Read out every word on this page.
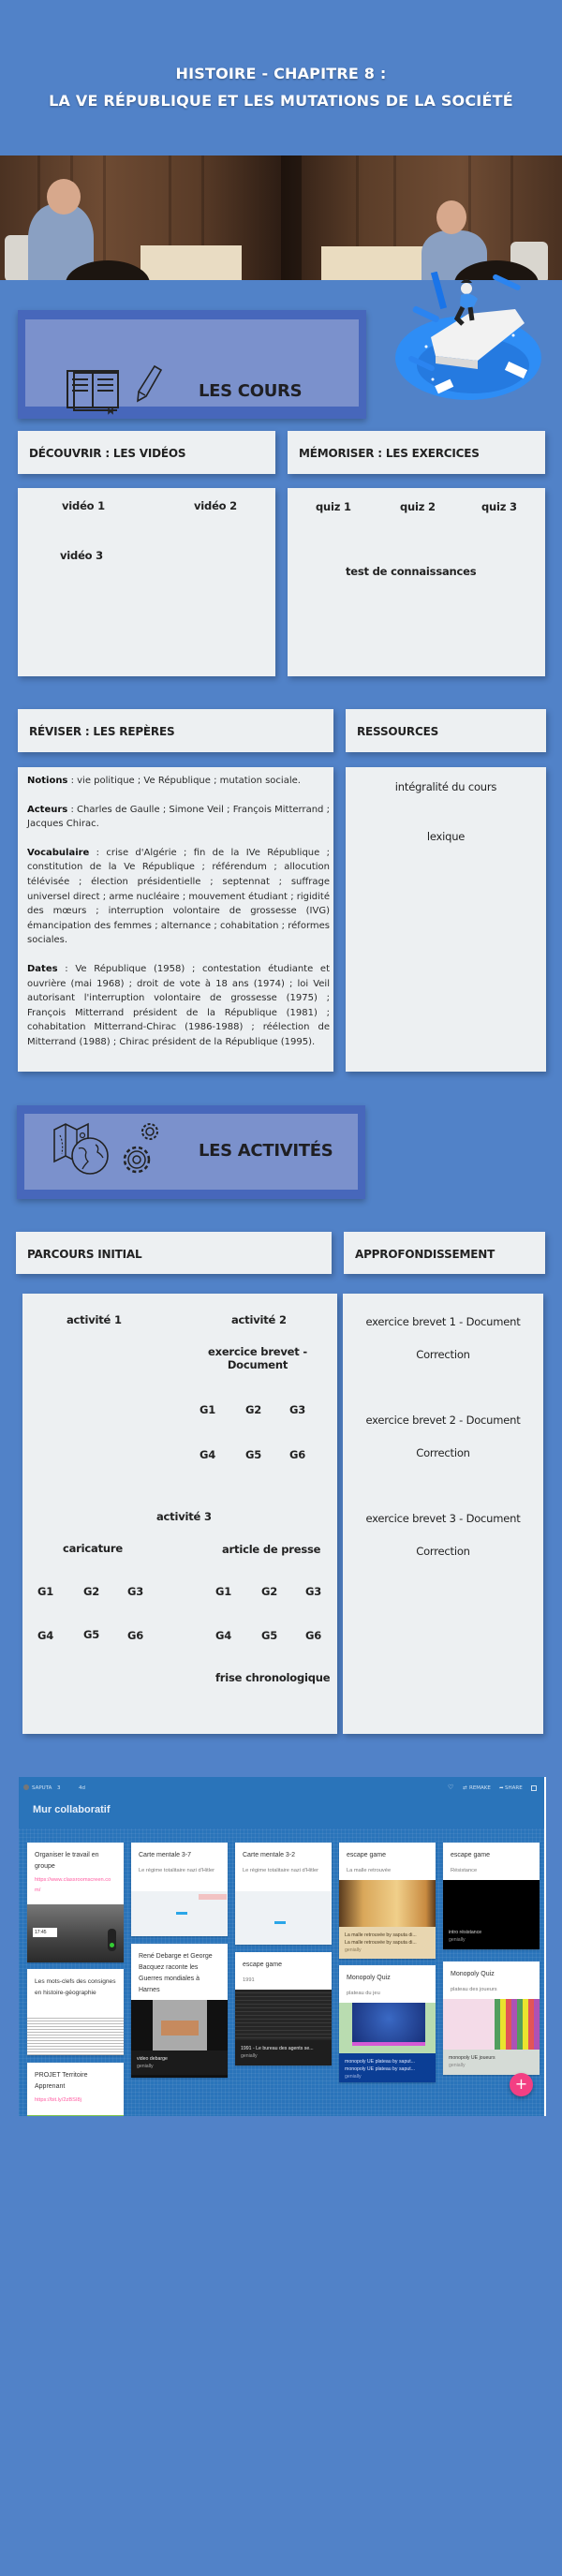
HISTOIRE - CHAPITRE 8 :
LA VE RÉPUBLIQUE ET LES MUTATIONS DE LA SOCIÉTÉ
LES COURS
DÉCOUVRIR : LES VIDÉOS	MÉMORISER : LES EXERCICES
vidéo 1	vidéo 2
vidéo 3
quiz 1	quiz 2	quiz 3
test de connaissances
RÉVISER : LES REPÈRES	RESSOURCES

Notions : vie politique ; Ve République ; mutation sociale.

Acteurs : Charles de Gaulle ; Simone Veil ; François Mitterrand ; Jacques Chirac.

Vocabulaire : crise d'Algérie ; fin de la IVe République ; constitution de la Ve République ; référendum ; allocution télévisée ; élection présidentielle ; septennat ; suffrage universel direct ; arme nucléaire ; mouvement étudiant ; rigidité des mœurs ; interruption volontaire de grossesse (IVG) émancipation des femmes ; alternance ; cohabitation ; réformes sociales.

Dates : Ve République (1958) ; contestation étudiante et ouvrière (mai 1968) ; droit de vote à 18 ans (1974) ; loi Veil autorisant l'interruption volontaire de grossesse (1975) ; François Mitterrand président de la République (1981) ; cohabitation Mitterrand-Chirac (1986-1988) ; réélection de Mitterrand (1988) ; Chirac président de la République (1995).

intégralité du cours
lexique
LES ACTIVITÉS
PARCOURS INITIAL	APPROFONDISSEMENT
activité 1	activité 2
exercice brevet - Document
G1	G2	G3
G4	G5	G6
activité 3
caricature	article de presse
G1	G2	G3
G4	G5	G6
G1	G2	G3
G4	G5	G6
frise chronologique
exercice brevet 1 - Document
Correction
exercice brevet 2 - Document
Correction
exercice brevet 3 - Document
Correction
SAPUTA 3	4d	♡ ⇄ REMAKE ➦ SHARE
Mur collaboratif
Organiser le travail en groupe
https://www.classroomscreen.com/
17:45
Les mots-clefs des consignes en histoire-géographie
PROJET Territoire Apprenant
https://bit.ly/2zBSI8j
Carte mentale 3-7
Le régime totalitaire nazi d'Hitler
René Debarge et George Bacquez raconte les Guerres mondiales à Harnes
video debarge
genially
Carte mentale 3-2
Le régime totalitaire nazi d'Hitler
escape game
1991
1991 - Le bureau des agents se...
genially
escape game
La malle retrouvée
La malle retrouvée by saputa di...
La malle retrouvée by saputa di...
genially
Monopoly Quiz
plateau du jeu
monopoly UE plateau by saput...
monopoly UE plateau by saput...
genially
escape game
Résistance
intro résistance
genially
Monopoly Quiz
plateau des joueurs
monopoly UE joueurs
genially
+
